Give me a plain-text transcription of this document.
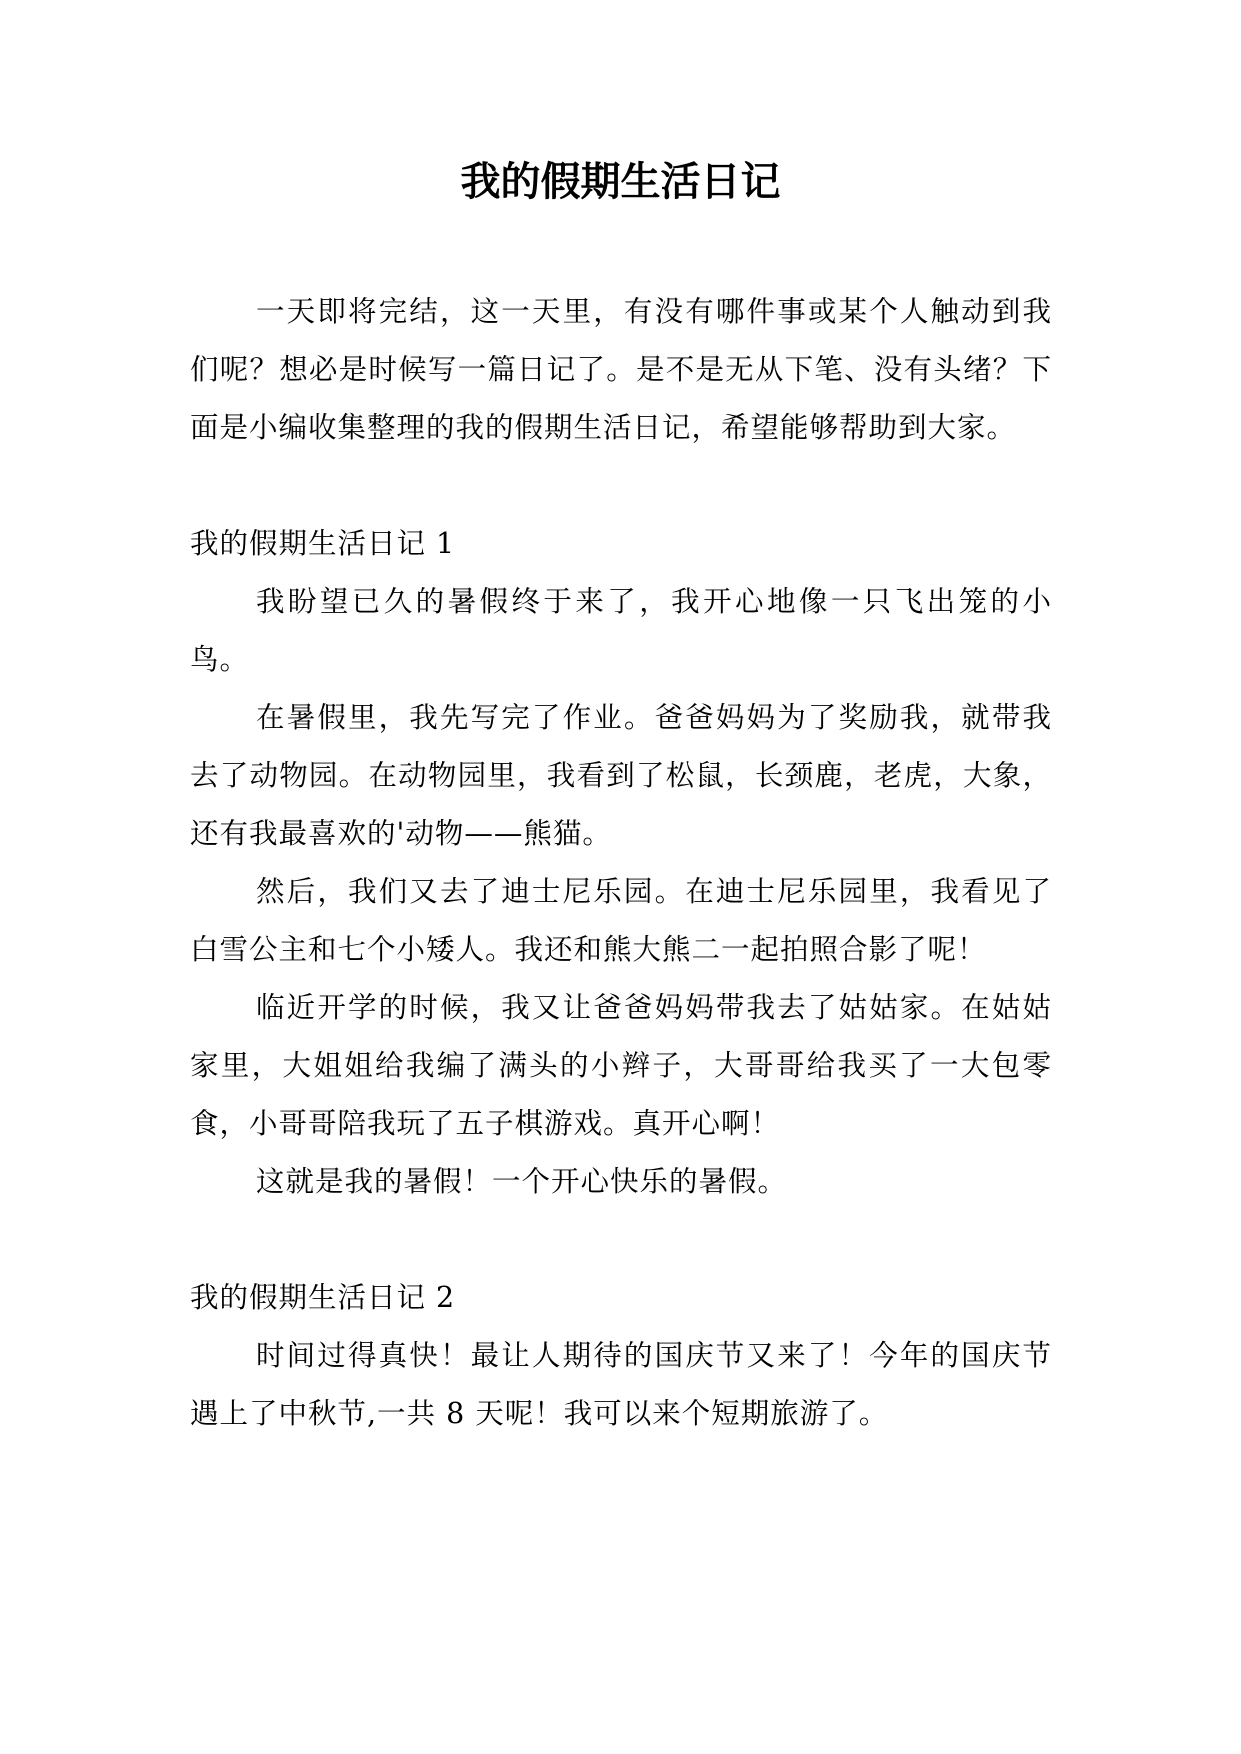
我的假期生活日记

一天即将完结，这一天里，有没有哪件事或某个人触动到我们呢？想必是时候写一篇日记了。是不是无从下笔、没有头绪？下面是小编收集整理的我的假期生活日记，希望能够帮助到大家。

我的假期生活日记 1

我盼望已久的暑假终于来了，我开心地像一只飞出笼的小鸟。

在暑假里，我先写完了作业。爸爸妈妈为了奖励我，就带我去了动物园。在动物园里，我看到了松鼠，长颈鹿，老虎，大象，还有我最喜欢的'动物——熊猫。

然后，我们又去了迪士尼乐园。在迪士尼乐园里，我看见了白雪公主和七个小矮人。我还和熊大熊二一起拍照合影了呢！

临近开学的时候，我又让爸爸妈妈带我去了姑姑家。在姑姑家里，大姐姐给我编了满头的小辫子，大哥哥给我买了一大包零食，小哥哥陪我玩了五子棋游戏。真开心啊！

这就是我的暑假！一个开心快乐的暑假。

我的假期生活日记 2

时间过得真快！最让人期待的国庆节又来了！今年的国庆节遇上了中秋节,一共 8 天呢！我可以来个短期旅游了。
